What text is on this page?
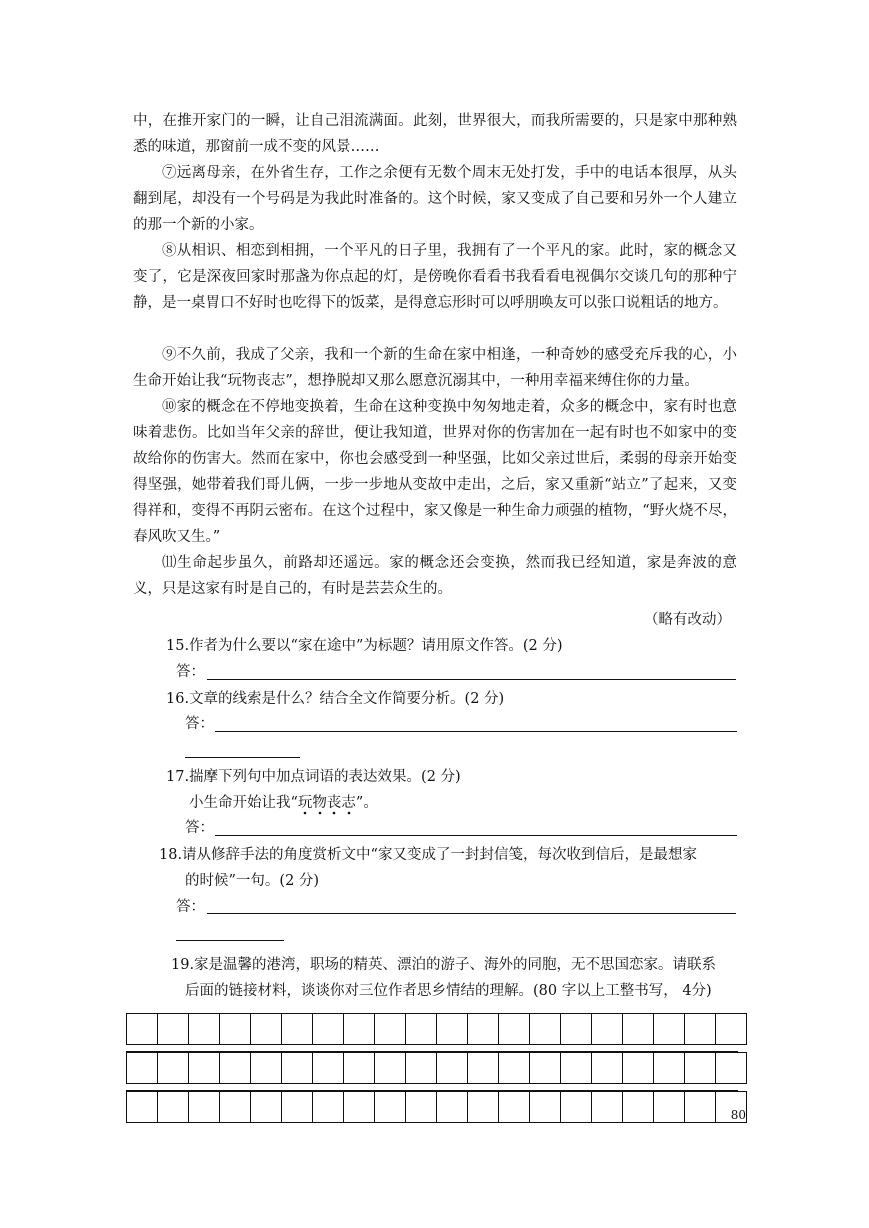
中，在推开家门的一瞬，让自己泪流满面。此刻，世界很大，而我所需要的，只是家中那种熟悉的味道，那窗前一成不变的风景……

⑦远离母亲，在外省生存，工作之余便有无数个周末无处打发，手中的电话本很厚，从头翻到尾，却没有一个号码是为我此时准备的。这个时候，家又变成了自己要和另外一个人建立的那一个新的小家。

⑧从相识、相恋到相拥，一个平凡的日子里，我拥有了一个平凡的家。此时，家的概念又变了，它是深夜回家时那盏为你点起的灯，是傍晚你看看书我看看电视偶尔交谈几句的那种宁静，是一桌胃口不好时也吃得下的饭菜，是得意忘形时可以呼朋唤友可以张口说粗话的地方。

⑨不久前，我成了父亲，我和一个新的生命在家中相逢，一种奇妙的感受充斥我的心，小生命开始让我“玩物丧志”，想挣脱却又那么愿意沉溺其中，一种用幸福来缚住你的力量。

⑩家的概念在不停地变换着，生命在这种变换中匆匆地走着，众多的概念中，家有时也意味着悲伤。比如当年父亲的辞世，便让我知道，世界对你的伤害加在一起有时也不如家中的变故给你的伤害大。然而在家中，你也会感受到一种坚强，比如父亲过世后，柔弱的母亲开始变得坚强，她带着我们哥儿俩，一步一步地从变故中走出，之后，家又重新“站立”了起来，又变得祥和，变得不再阴云密布。在这个过程中，家又像是一种生命力顽强的植物，“野火烧不尽，春风吹又生。”

⑾生命起步虽久，前路却还遥远。家的概念还会变换，然而我已经知道，家是奔波的意义，只是这家有时是自己的，有时是芸芸众生的。

（略有改动）

15.作者为什么要以“家在途中”为标题？请用原文作答。(2 分)

答：

16.文章的线索是什么？结合全文作简要分析。(2 分)

答：

17.揣摩下列句中加点词语的表达效果。(2 分)

小生命开始让我“玩物丧志
”。

答：

18.请从修辞手法的角度赏析文中“家又变成了一封封信笺，每次收到信后，是最想家

的时候”一句。(2 分)

答：

19.家是温馨的港湾，职场的精英、漂泊的游子、海外的同胞，无不思国恋家。请联系

后面的链接材料，谈谈你对三位作者思乡情结的理解。(80 字以上工整书写， 4分)

																			80
